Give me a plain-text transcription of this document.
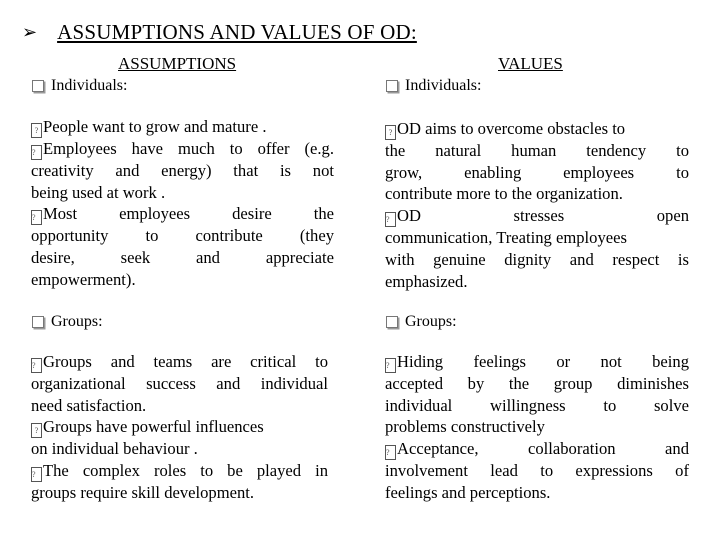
➢ ASSUMPTIONS AND VALUES OF OD:
ASSUMPTIONS
Individuals:
? People want to grow and mature .
? Employees have much to offer (e.g.
creativity and energy) that is not
being used at work .
? Most employees desire the
opportunity to contribute (they
desire, seek and appreciate
empowerment).
Groups:
? Groups and teams are critical to
organizational success and individual
need satisfaction.
? Groups have powerful influences
on individual behaviour .
? The complex roles to be played in
groups require skill development.
VALUES
Individuals:
? OD aims to overcome obstacles to
the natural human tendency to
grow, enabling employees to
contribute more to the organization.
? OD stresses open
communication, Treating employees
with genuine dignity and respect is
emphasized.
Groups:
? Hiding feelings or not being
accepted by the group diminishes
individual willingness to solve
problems constructively
? Acceptance, collaboration and
involvement lead to expressions of
feelings and perceptions.
